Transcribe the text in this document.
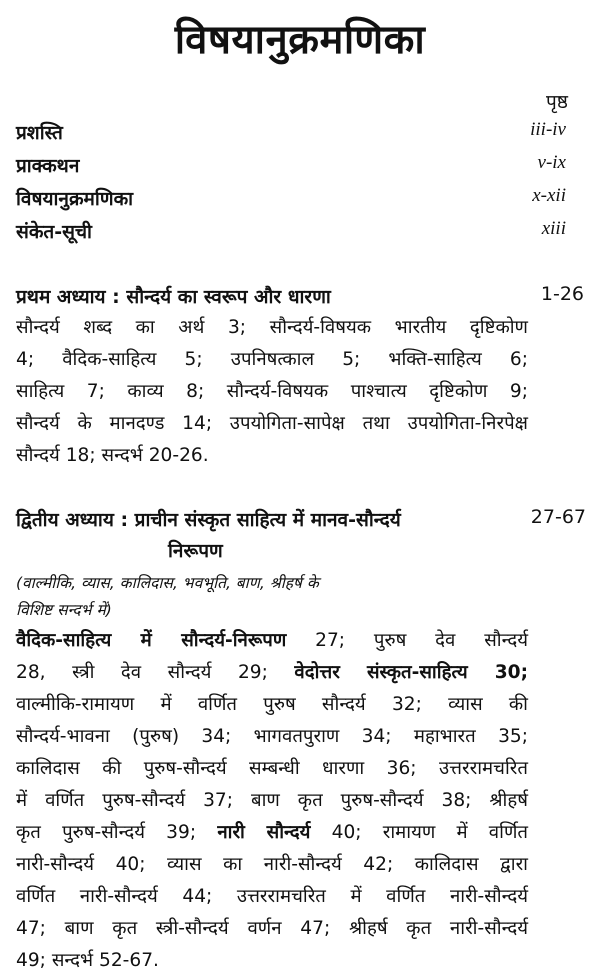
विषयानुक्रमणिका
पृष्ठ
प्रशस्ति	iii-iv
प्राक्कथन	v-ix
विषयानुक्रमणिका	x-xii
संकेत-सूची	xiii
प्रथम अध्याय : सौन्दर्य का स्वरूप और धारणा	1-26
सौन्दर्य शब्द का अर्थ 3; सौन्दर्य-विषयक भारतीय दृष्टिकोण
4; वैदिक-साहित्य 5; उपनिषत्काल 5; भक्ति-साहित्य 6;
साहित्य 7; काव्य 8; सौन्दर्य-विषयक पाश्चात्य दृष्टिकोण 9;
सौन्दर्य के मानदण्ड 14; उपयोगिता-सापेक्ष तथा उपयोगिता-निरपेक्ष
सौन्दर्य 18; सन्दर्भ 20-26.
द्वितीय अध्याय : प्राचीन संस्कृत साहित्य में मानव-सौन्दर्य	27-67
निरूपण
(वाल्मीकि, व्यास, कालिदास, भवभूति, बाण, श्रीहर्ष के
विशिष्ट सन्दर्भ में)
वैदिक-साहित्य में सौन्दर्य-निरूपण 27; पुरुष देव सौन्दर्य
28, स्त्री देव सौन्दर्य 29; वेदोत्तर संस्कृत-साहित्य 30;
वाल्मीकि-रामायण में वर्णित पुरुष सौन्दर्य 32; व्यास की
सौन्दर्य-भावना (पुरुष) 34; भागवतपुराण 34; महाभारत 35;
कालिदास की पुरुष-सौन्दर्य सम्बन्धी धारणा 36; उत्तररामचरित
में वर्णित पुरुष-सौन्दर्य 37; बाण कृत पुरुष-सौन्दर्य 38; श्रीहर्ष
कृत पुरुष-सौन्दर्य 39; नारी सौन्दर्य 40; रामायण में वर्णित
नारी-सौन्दर्य 40; व्यास का नारी-सौन्दर्य 42; कालिदास द्वारा
वर्णित नारी-सौन्दर्य 44; उत्तररामचरित में वर्णित नारी-सौन्दर्य
47; बाण कृत स्त्री-सौन्दर्य वर्णन 47; श्रीहर्ष कृत नारी-सौन्दर्य
49; सन्दर्भ 52-67.
